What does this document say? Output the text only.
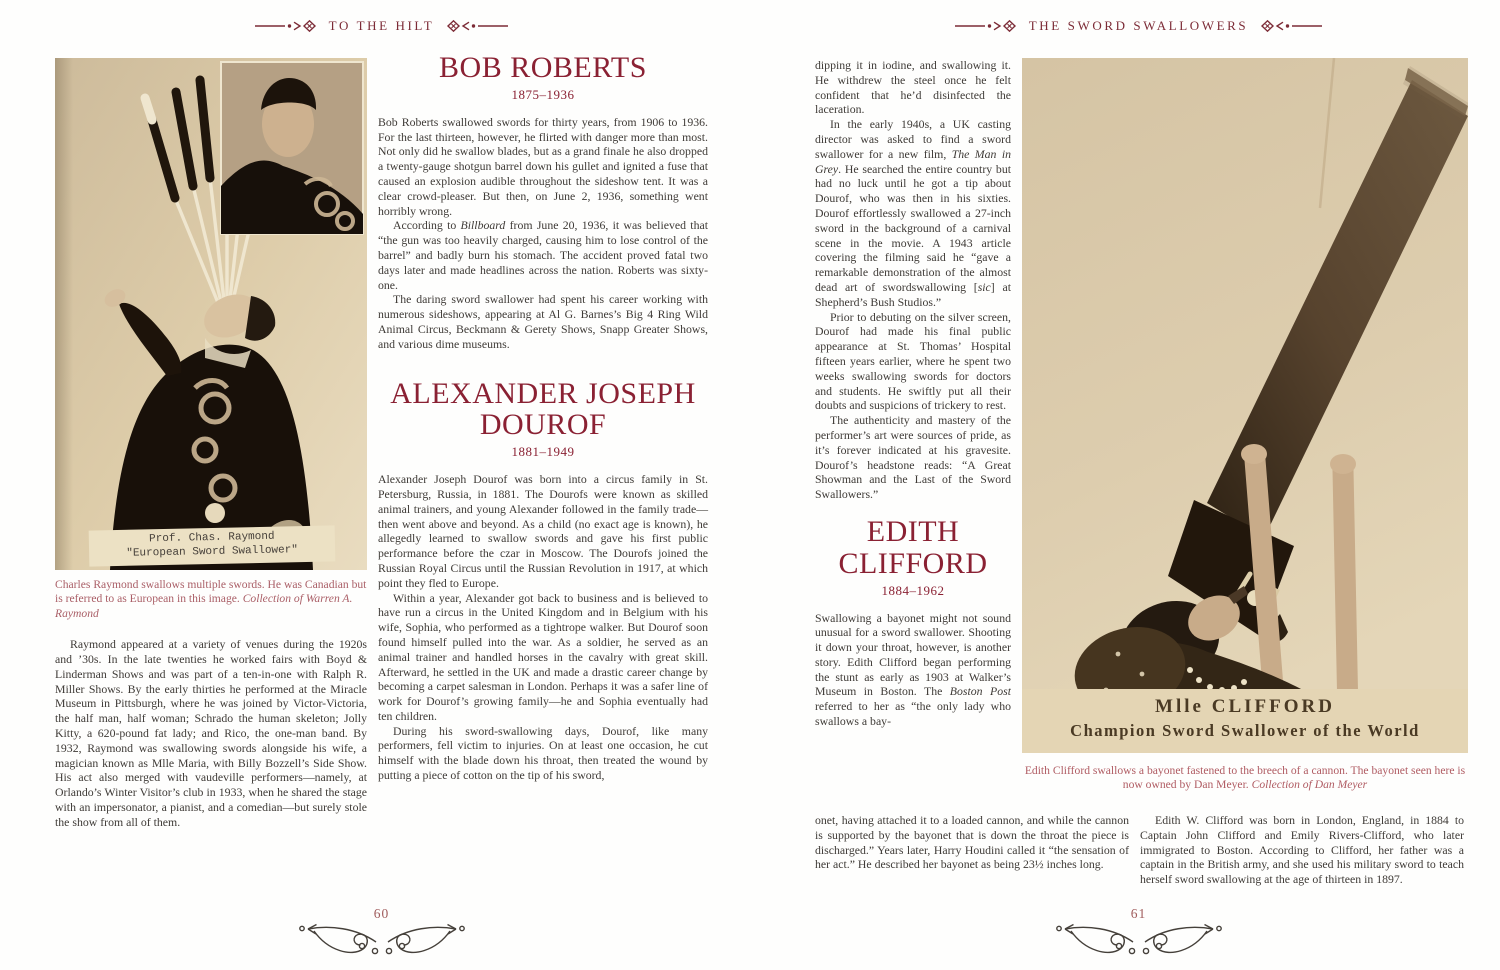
TO THE HILT
Prof. Chas. Raymond
"European Sword Swallower"
Charles Raymond swallows multiple swords. He was Canadian but is referred to as European in this image. Collection of Warren A. Raymond

Raymond appeared at a variety of venues during the 1920s and ’30s. In the late twenties he worked fairs with Boyd & Linderman Shows and was part of a ten-in-one with Ralph R. Miller Shows. By the early thirties he performed at the Miracle Museum in Pittsburgh, where he was joined by Victor-Victoria, the half man, half woman; Schrado the human skeleton; Jolly Kitty, a 620-pound fat lady; and Rico, the one-man band. By 1932, Raymond was swallowing swords alongside his wife, a magician known as Mlle Maria, with Billy Bozzell’s Side Show. His act also merged with vaudeville performers—namely, at Orlando’s Winter Visitor’s club in 1933, when he shared the stage with an impersonator, a pianist, and a comedian—but surely stole the show from all of them.

BOB ROBERTS
1875–1936

Bob Roberts swallowed swords for thirty years, from 1906 to 1936. For the last thirteen, however, he flirted with danger more than most. Not only did he swallow blades, but as a grand finale he also dropped a twenty-gauge shotgun barrel down his gullet and ignited a fuse that caused an explosion audible throughout the sideshow tent. It was a clear crowd-pleaser. But then, on June 2, 1936, something went horribly wrong.

According to Billboard from June 20, 1936, it was believed that “the gun was too heavily charged, causing him to lose control of the barrel” and badly burn his stomach. The accident proved fatal two days later and made headlines across the nation. Roberts was sixty-one.

The daring sword swallower had spent his career working with numerous sideshows, appearing at Al G. Barnes’s Big 4 Ring Wild Animal Circus, Beckmann & Gerety Shows, Snapp Greater Shows, and various dime museums.

ALEXANDER JOSEPH DOUROF
1881–1949

Alexander Joseph Dourof was born into a circus family in St. Petersburg, Russia, in 1881. The Dourofs were known as skilled animal trainers, and young Alexander followed in the family trade—then went above and beyond. As a child (no exact age is known), he allegedly learned to swallow swords and gave his first public performance before the czar in Moscow. The Dourofs joined the Russian Royal Circus until the Russian Revolution in 1917, at which point they fled to Europe.

Within a year, Alexander got back to business and is believed to have run a circus in the United Kingdom and in Belgium with his wife, Sophia, who performed as a tightrope walker. But Dourof soon found himself pulled into the war. As a soldier, he served as an animal trainer and handled horses in the cavalry with great skill. Afterward, he settled in the UK and made a drastic career change by becoming a carpet salesman in London. Perhaps it was a safer line of work for Dourof’s growing family—he and Sophia eventually had ten children.

During his sword-swallowing days, Dourof, like many performers, fell victim to injuries. On at least one occasion, he cut himself with the blade down his throat, then treated the wound by putting a piece of cotton on the tip of his sword,

60
THE SWORD SWALLOWERS

dipping it in iodine, and swallowing it. He withdrew the steel once he felt confident that he’d disinfected the laceration.

In the early 1940s, a UK casting director was asked to find a sword swallower for a new film, The Man in Grey. He searched the entire country but had no luck until he got a tip about Dourof, who was then in his sixties. Dourof effortlessly swallowed a 27-inch sword in the background of a carnival scene in the movie. A 1943 article covering the filming said he “gave a remarkable demonstration of the almost dead art of swordswallowing [sic] at Shepherd’s Bush Studios.”

Prior to debuting on the silver screen, Dourof had made his final public appearance at St. Thomas’ Hospital fifteen years earlier, where he spent two weeks swallowing swords for doctors and students. He swiftly put all their doubts and suspicions of trickery to rest.

The authenticity and mastery of the performer’s art were sources of pride, as it’s forever indicated at his gravesite. Dourof’s headstone reads: “A Great Showman and the Last of the Sword Swallowers.”

EDITH
CLIFFORD
1884–1962

Swallowing a bayonet might not sound unusual for a sword swallower. Shooting it down your throat, however, is another story. Edith Clifford began performing the stunt as early as 1903 at Walker’s Museum in Boston. The Boston Post referred to her as “the only lady who swallows a bay-

Mlle CLIFFORD
Champion Sword Swallower of the World
Edith Clifford swallows a bayonet fastened to the breech of a cannon. The bayonet seen here is now owned by Dan Meyer. Collection of Dan Meyer

onet, having attached it to a loaded cannon, and while the cannon is supported by the bayonet that is down the throat the piece is discharged.” Years later, Harry Houdini called it “the sensation of her act.” He described her bayonet as being 23½ inches long.

Edith W. Clifford was born in London, England, in 1884 to Captain John Clifford and Emily Rivers-Clifford, who later immigrated to Boston. According to Clifford, her father was a captain in the British army, and she used his military sword to teach herself sword swallowing at the age of thirteen in 1897.

61
